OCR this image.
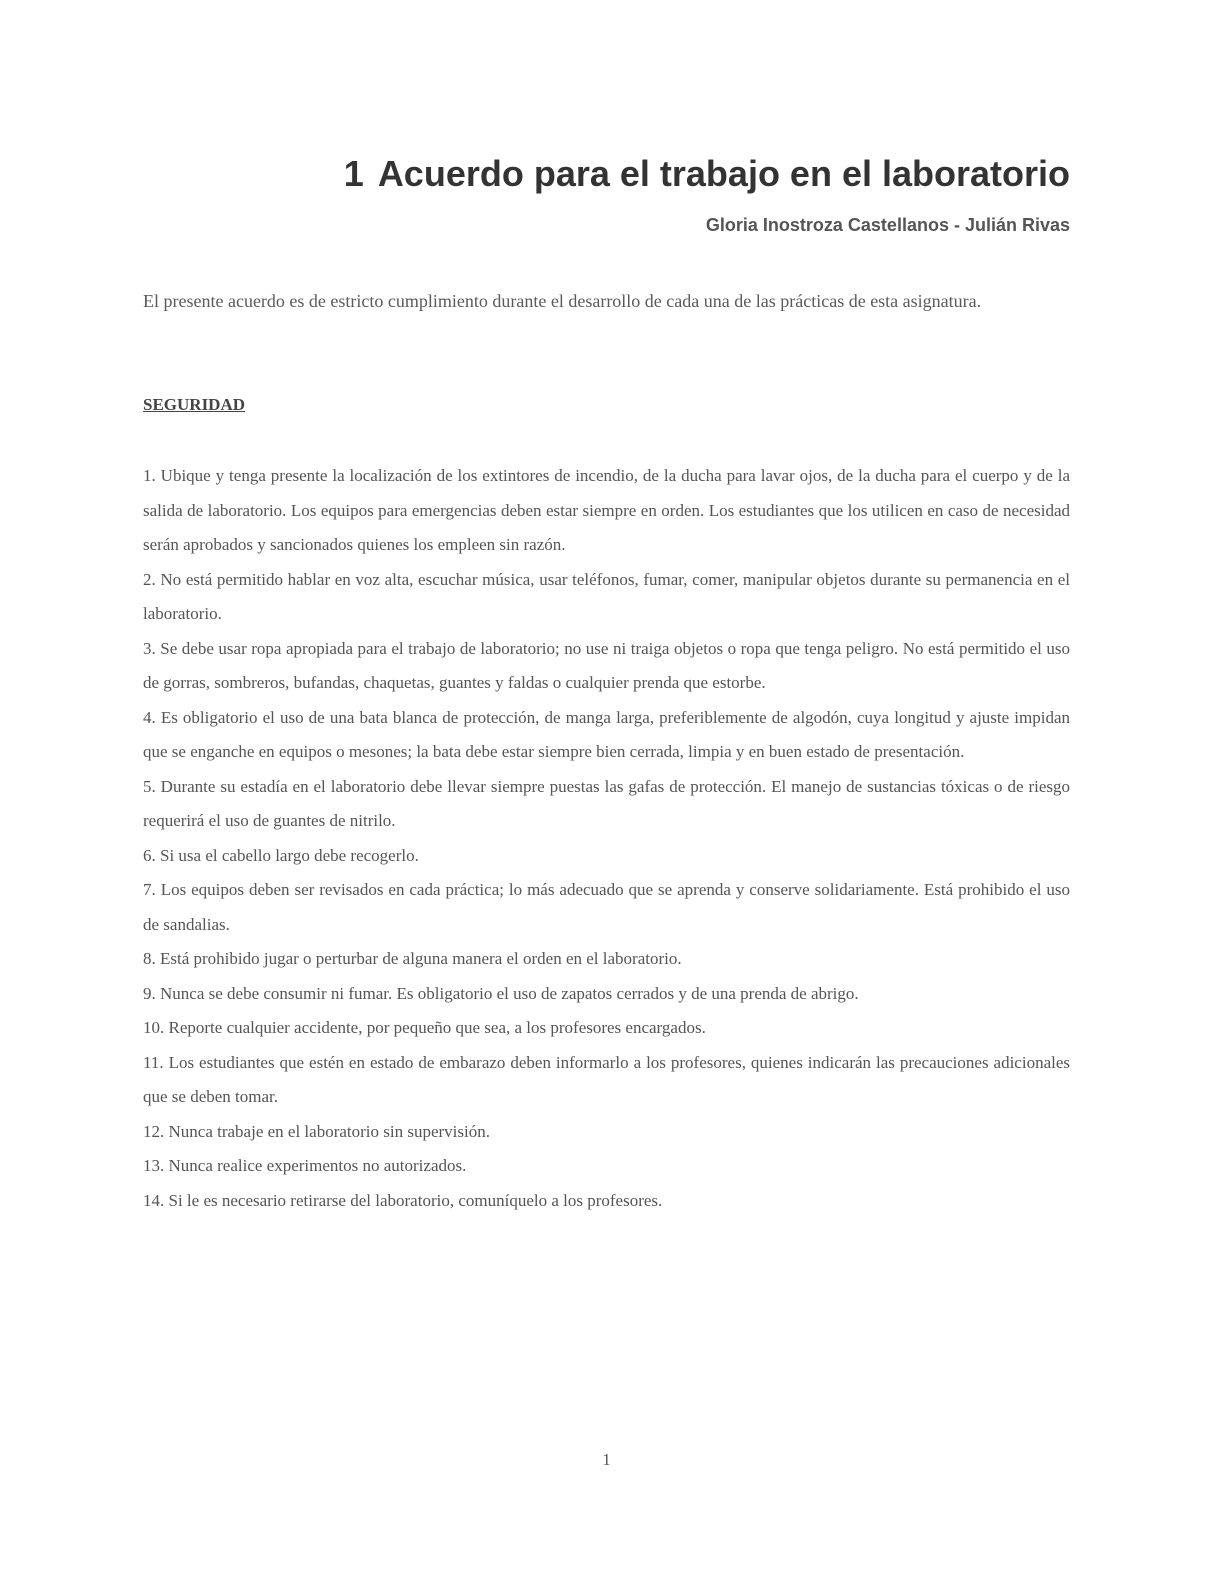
1 Acuerdo para el trabajo en el laboratorio

Gloria Inostroza Castellanos - Julián Rivas

El presente acuerdo es de estricto cumplimiento durante el desarrollo de cada una de las prácticas de esta asignatura.

SEGURIDAD
1. Ubique y tenga presente la localización de los extintores de incendio, de la ducha para lavar ojos, de la ducha para el cuerpo y de la salida de laboratorio. Los equipos para emergencias deben estar siempre en orden. Los estudiantes que los utilicen en caso de necesidad serán aprobados y sancionados quienes los empleen sin razón.
2. No está permitido hablar en voz alta, escuchar música, usar teléfonos, fumar, comer, manipular objetos durante su permanencia en el laboratorio.
3. Se debe usar ropa apropiada para el trabajo de laboratorio; no use ni traiga objetos o ropa que tenga peligro. No está permitido el uso de gorras, sombreros, bufandas, chaquetas, guantes y faldas o cualquier prenda que estorbe.
4. Es obligatorio el uso de una bata blanca de protección, de manga larga, preferiblemente de algodón, cuya longitud y ajuste impidan que se enganche en equipos o mesones; la bata debe estar siempre bien cerrada, limpia y en buen estado de presentación.
5. Durante su estadía en el laboratorio debe llevar siempre puestas las gafas de protección. El manejo de sustancias tóxicas o de riesgo requerirá el uso de guantes de nitrilo.
6. Si usa el cabello largo debe recogerlo.
7. Los equipos deben ser revisados en cada práctica; lo más adecuado que se aprenda y conserve solidariamente. Está prohibido el uso de sandalias.
8. Está prohibido jugar o perturbar de alguna manera el orden en el laboratorio.
9. Nunca se debe consumir ni fumar. Es obligatorio el uso de zapatos cerrados y de una prenda de abrigo.
10. Reporte cualquier accidente, por pequeño que sea, a los profesores encargados.
11. Los estudiantes que estén en estado de embarazo deben informarlo a los profesores, quienes indicarán las precauciones adicionales que se deben tomar.
12. Nunca trabaje en el laboratorio sin supervisión.
13. Nunca realice experimentos no autorizados.
14. Si le es necesario retirarse del laboratorio, comuníquelo a los profesores.

1
